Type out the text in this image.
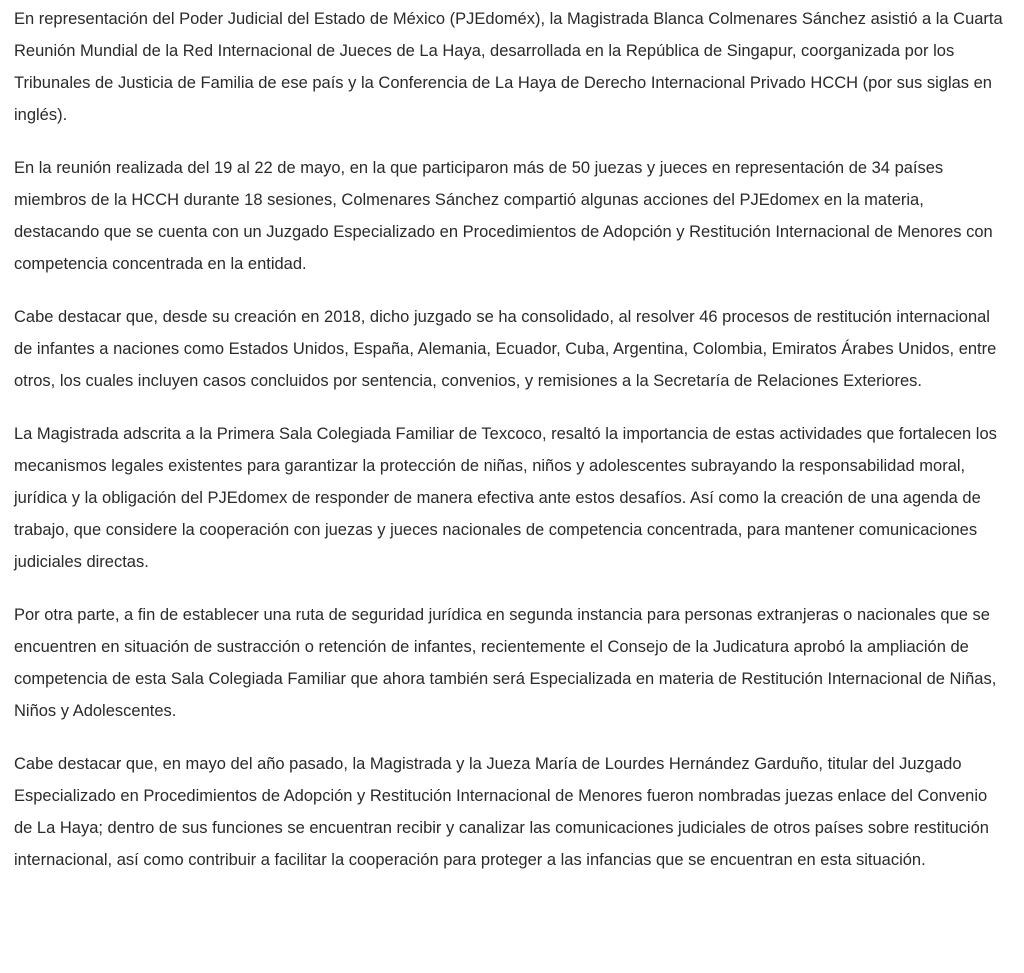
En representación del Poder Judicial del Estado de México (PJEdoméx), la Magistrada Blanca Colmenares Sánchez asistió a la Cuarta Reunión Mundial de la Red Internacional de Jueces de La Haya, desarrollada en la República de Singapur, coorganizada por los Tribunales de Justicia de Familia de ese país y la Conferencia de La Haya de Derecho Internacional Privado HCCH (por sus siglas en inglés).

En la reunión realizada del 19 al 22 de mayo, en la que participaron más de 50 juezas y jueces en representación de 34 países miembros de la HCCH durante 18 sesiones, Colmenares Sánchez compartió algunas acciones del PJEdomex en la materia, destacando que se cuenta con un Juzgado Especializado en Procedimientos de Adopción y Restitución Internacional de Menores con competencia concentrada en la entidad.

Cabe destacar que, desde su creación en 2018, dicho juzgado se ha consolidado, al resolver 46 procesos de restitución internacional de infantes a naciones como Estados Unidos, España, Alemania, Ecuador, Cuba, Argentina, Colombia, Emiratos Árabes Unidos, entre otros, los cuales incluyen casos concluidos por sentencia, convenios, y remisiones a la Secretaría de Relaciones Exteriores.

La Magistrada adscrita a la Primera Sala Colegiada Familiar de Texcoco, resaltó la importancia de estas actividades que fortalecen los mecanismos legales existentes para garantizar la protección de niñas, niños y adolescentes subrayando la responsabilidad moral, jurídica y la obligación del PJEdomex de responder de manera efectiva ante estos desafíos. Así como la creación de una agenda de trabajo, que considere la cooperación con juezas y jueces nacionales de competencia concentrada, para mantener comunicaciones judiciales directas.

Por otra parte, a fin de establecer una ruta de seguridad jurídica en segunda instancia para personas extranjeras o nacionales que se encuentren en situación de sustracción o retención de infantes, recientemente el Consejo de la Judicatura aprobó la ampliación de competencia de esta Sala Colegiada Familiar que ahora también será Especializada en materia de Restitución Internacional de Niñas, Niños y Adolescentes.

Cabe destacar que, en mayo del año pasado, la Magistrada y la Jueza María de Lourdes Hernández Garduño, titular del Juzgado Especializado en Procedimientos de Adopción y Restitución Internacional de Menores fueron nombradas juezas enlace del Convenio de La Haya; dentro de sus funciones se encuentran recibir y canalizar las comunicaciones judiciales de otros países sobre restitución internacional, así como contribuir a facilitar la cooperación para proteger a las infancias que se encuentran en esta situación.
